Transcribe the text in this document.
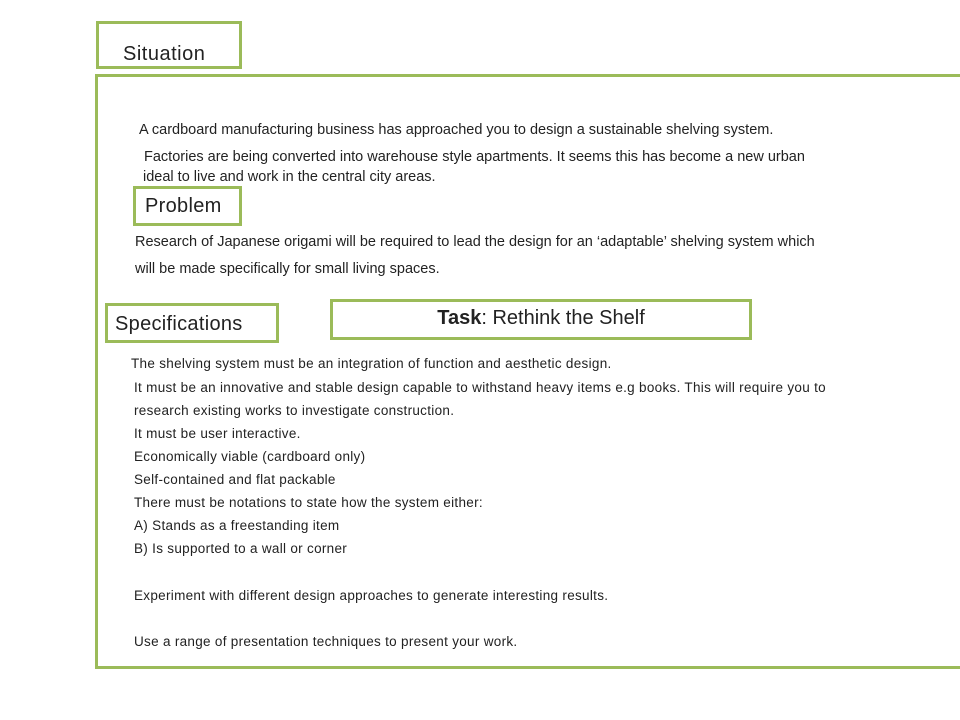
Situation
A cardboard manufacturing business has approached you to design a sustainable shelving system.
Factories are being converted into warehouse style apartments. It seems this has become a new urban
ideal to live and work in the central city areas.
Problem
Research of Japanese origami will be required to lead the design for an ‘adaptable’ shelving system which
will be made specifically for small living spaces.
Specifications	Task: Rethink the Shelf
The shelving system must be an integration of function and aesthetic design.
It must be an innovative and stable design capable to withstand heavy items e.g books. This will require you to
research existing works to investigate construction.
It must be user interactive.
Economically viable (cardboard only)
Self-contained and flat packable
There must be notations to state how the system either:
A) Stands as a freestanding item
B) Is supported to a wall or corner
Experiment with different design approaches to generate interesting results.
Use a range of presentation techniques to present your work.
